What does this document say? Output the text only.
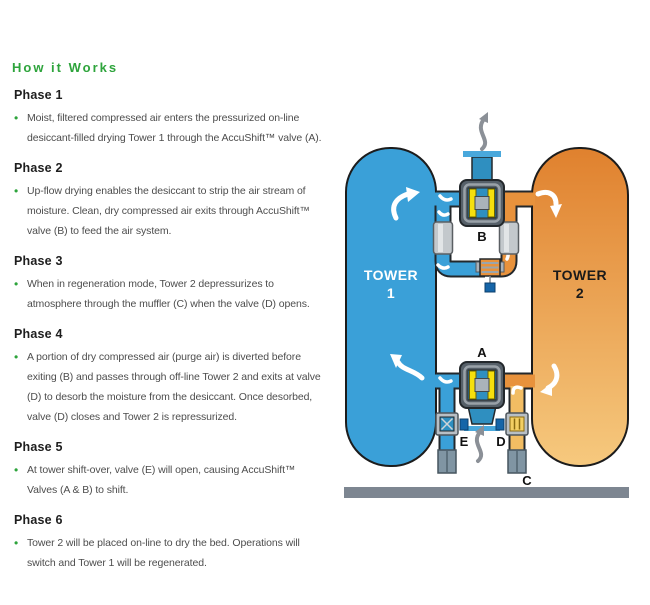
How it Works
Phase 1
• Moist, filtered compressed air enters the pressurized on-line desiccant-filled drying Tower 1 through the AccuShift™ valve (A).

Phase 2
• Up-flow drying enables the desiccant to strip the air stream of moisture. Clean, dry compressed air exits through AccuShift™ valve (B) to feed the air system.

Phase 3
• When in regeneration mode, Tower 2 depressurizes to atmosphere through the muffler (C) when the valve (D) opens.

Phase 4
• A portion of dry compressed air (purge air) is diverted before exiting (B) and passes through off-line Tower 2 and exits at valve (D) to desorb the moisture from the desiccant. Once desorbed, valve (D) closes and Tower 2 is repressurized.

Phase 5
• At tower shift-over, valve (E) will open, causing AccuShift™ Valves (A & B) to shift.

Phase 6
• Tower 2 will be placed on-line to dry the bed. Operations will switch and Tower 1 will be regenerated.

TOWER
1
TOWER
2
B
A
E D
C
